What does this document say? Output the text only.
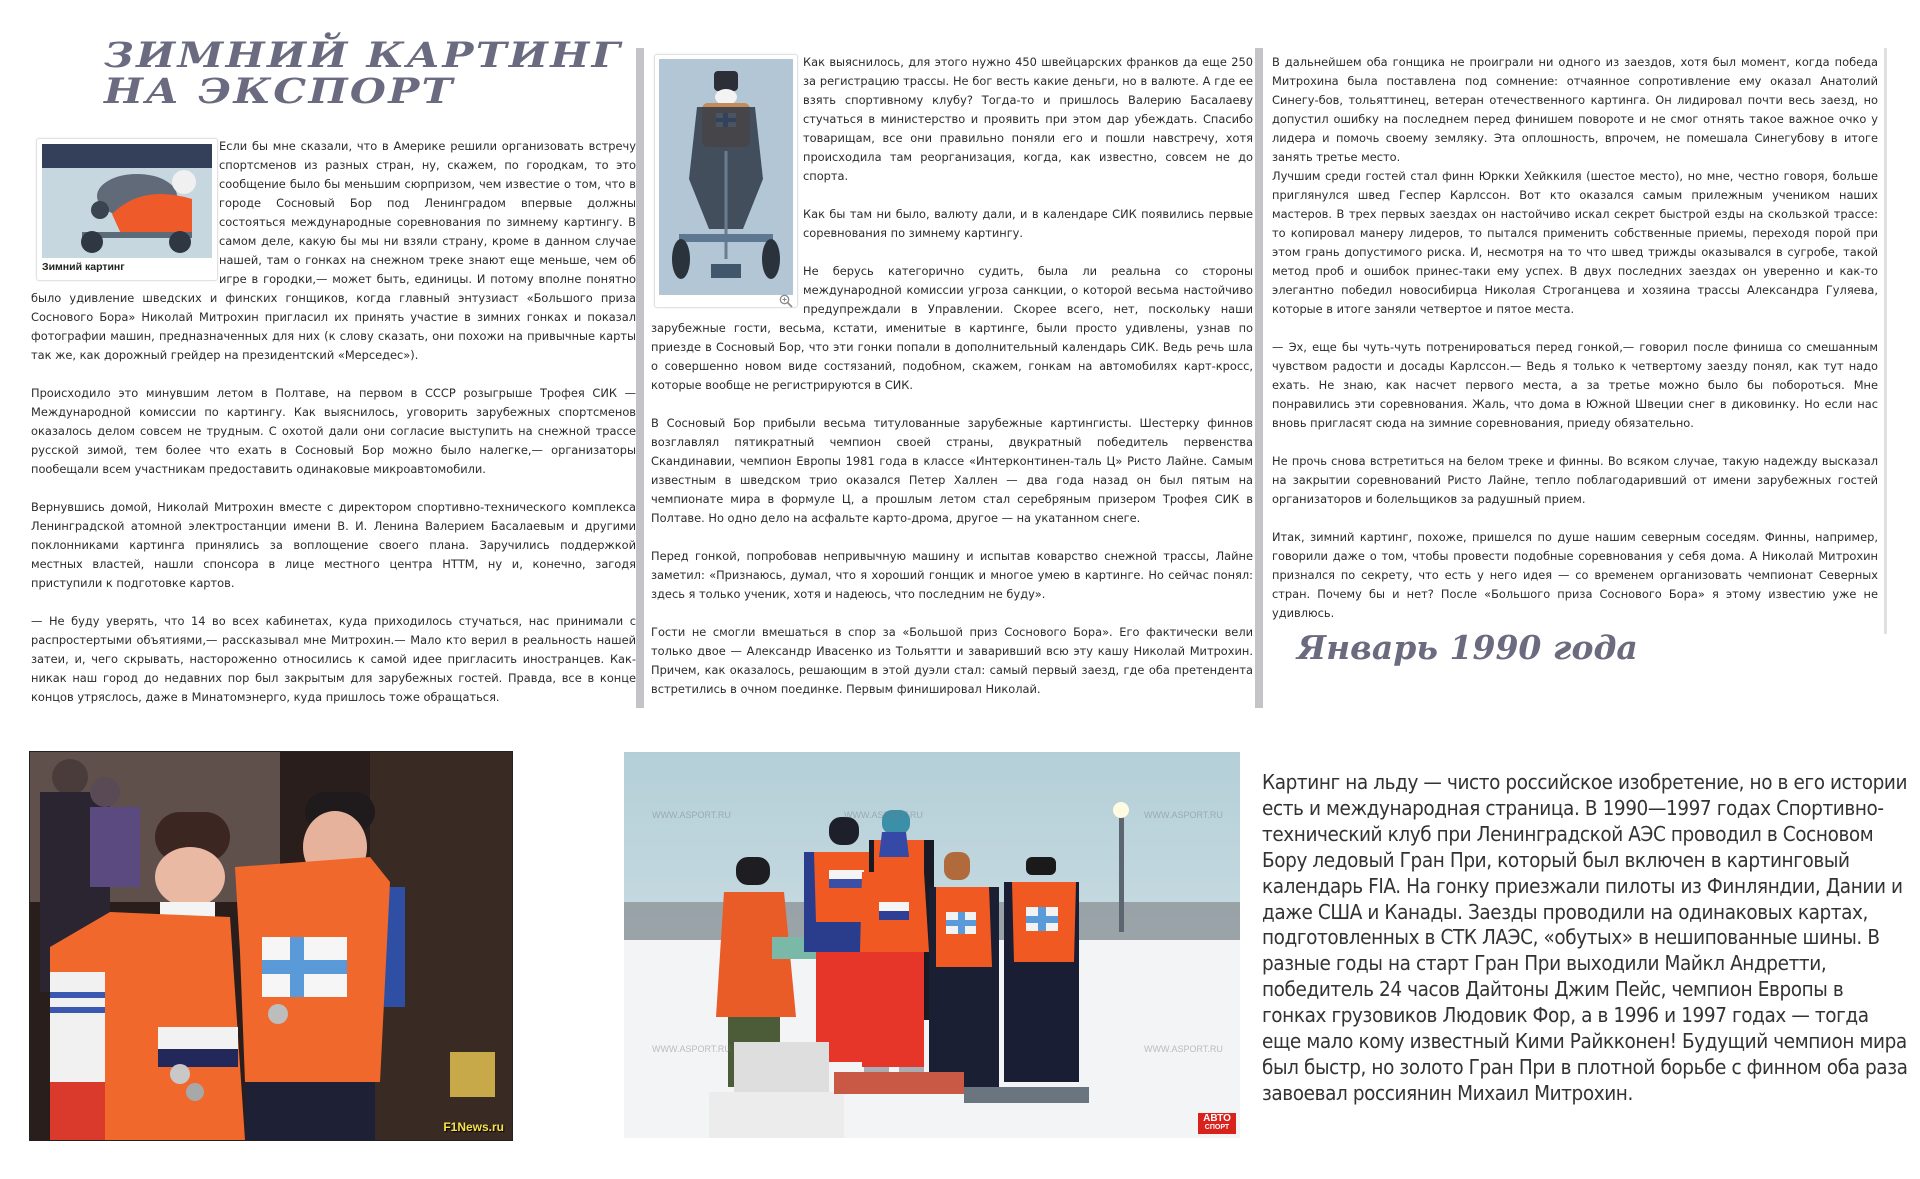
ЗИМНИЙ КАРТИНГ
НА ЭКСПОРТ
Зимний картинг

Если бы мне сказали, что в Америке решили организовать встречу спортсменов из разных стран, ну, скажем, по городкам, то это сообщение было бы меньшим сюрпризом, чем известие о том, что в городе Сосновый Бор под Ленинградом впервые должны состояться международные соревнования по зимнему картингу. В самом деле, какую бы мы ни взяли страну, кроме в данном случае нашей, там о гонках на снежном треке знают еще меньше, чем об игре в городки,— может быть, единицы. И потому вполне понятно было удивление шведских и финских гонщиков, когда главный энтузиаст «Большого приза Соснового Бора» Николай Митрохин пригласил их принять участие в зимних гонках и показал фотографии машин, предназначенных для них (к слову сказать, они похожи на привычные карты так же, как дорожный грейдер на президентский «Мерседес»).

Происходило это минувшим летом в Полтаве, на первом в СССР розыгрыше Трофея СИК — Международной комиссии по картингу. Как выяснилось, уговорить зарубежных спортсменов оказалось делом совсем не трудным. С охотой дали они согласие выступить на снежной трассе русской зимой, тем более что ехать в Сосновый Бор можно было налегке,— организаторы пообещали всем участникам предоставить одинаковые микроавтомобили.

Вернувшись домой, Николай Митрохин вместе с директором спортивно-технического комплекса Ленинградской атомной электростанции имени В. И. Ленина Валерием Басалаевым и другими поклонниками картинга принялись за воплощение своего плана. Заручились поддержкой местных властей, нашли спонсора в лице местного центра НТТМ, ну и, конечно, загодя приступили к подготовке картов.

— Не буду уверять, что 14 во всех кабинетах, куда приходилось стучаться, нас принимали с распростертыми объятиями,— рассказывал мне Митрохин.— Мало кто верил в реальность нашей затеи, и, чего скрывать, настороженно относились к самой идее пригласить иностранцев. Как-никак наш город до недавних пор был закрытым для зарубежных гостей. Правда, все в конце концов утряслось, даже в Минатомэнерго, куда пришлось тоже обращаться.

Как выяснилось, для этого нужно 450 швейцарских франков да еще 250 за регистрацию трассы. Не бог весть какие деньги, но в валюте. А где ее взять спортивному клубу? Тогда-то и пришлось Валерию Басалаеву стучаться в министерство и проявить при этом дар убеждать. Спасибо товарищам, все они правильно поняли его и пошли навстречу, хотя происходила там реорганизация, когда, как известно, совсем не до спорта.

Как бы там ни было, валюту дали, и в календаре СИК появились первые соревнования по зимнему картингу.

Не берусь категорично судить, была ли реальна со стороны международной комиссии угроза санкции, о которой весьма настойчиво предупреждали в Управлении. Скорее всего, нет, поскольку наши зарубежные гости, весьма, кстати, именитые в картинге, были просто удивлены, узнав по приезде в Сосновый Бор, что эти гонки попали в дополнительный календарь СИК. Ведь речь шла о совершенно новом виде состязаний, подобном, скажем, гонкам на автомобилях карт-кросс, которые вообще не регистрируются в СИК.

В Сосновый Бор прибыли весьма титулованные зарубежные картингисты. Шестерку финнов возглавлял пятикратный чемпион своей страны, двукратный победитель первенства Скандинавии, чемпион Европы 1981 года в классе «Интерконтинен-таль Ц» Ристо Лайне. Самым известным в шведском трио оказался Петер Халлен — два года назад он был пятым на чемпионате мира в формуле Ц, а прошлым летом стал серебряным призером Трофея СИК в Полтаве. Но одно дело на асфальте карто-дрома, другое — на укатанном снеге.

Перед гонкой, попробовав непривычную машину и испытав коварство снежной трассы, Лайне заметил: «Признаюсь, думал, что я хороший гонщик и многое умею в картинге. Но сейчас понял: здесь я только ученик, хотя и надеюсь, что последним не буду».

Гости не смогли вмешаться в спор за «Большой приз Соснового Бора». Его фактически вели только двое — Александр Ивасенко из Тольятти и заваривший всю эту кашу Николай Митрохин. Причем, как оказалось, решающим в этой дуэли стал: самый первый заезд, где оба претендента встретились в очном поединке. Первым финишировал Николай.

В дальнейшем оба гонщика не проиграли ни одного из заездов, хотя был момент, когда победа Митрохина была поставлена под сомнение: отчаянное сопротивление ему оказал Анатолий Синегу-бов, тольяттинец, ветеран отечественного картинга. Он лидировал почти весь заезд, но допустил ошибку на последнем перед финишем повороте и не смог отнять такое важное очко у лидера и помочь своему земляку. Эта оплошность, впрочем, не помешала Синегубову в итоге занять третье место.

Лучшим среди гостей стал финн Юркки Хейккиля (шестое место), но мне, честно говоря, больше приглянулся швед Геспер Карлссон. Вот кто оказался самым прилежным учеником наших мастеров. В трех первых заездах он настойчиво искал секрет быстрой езды на скользкой трассе: то копировал манеру лидеров, то пытался применить собственные приемы, переходя порой при этом грань допустимого риска. И, несмотря на то что швед трижды оказывался в сугробе, такой метод проб и ошибок принес-таки ему успех. В двух последних заездах он уверенно и как-то элегантно победил новосибирца Николая Строганцева и хозяина трассы Александра Гуляева, которые в итоге заняли четвертое и пятое места.

— Эх, еще бы чуть-чуть потренироваться перед гонкой,— говорил после финиша со смешанным чувством радости и досады Карлссон.— Ведь я только к четвертому заезду понял, как тут надо ехать. Не знаю, как насчет первого места, а за третье можно было бы побороться. Мне понравились эти соревнования. Жаль, что дома в Южной Швеции снег в диковинку. Но если нас вновь пригласят сюда на зимние соревнования, приеду обязательно.

Не прочь снова встретиться на белом треке и финны. Во всяком случае, такую надежду высказал на закрытии соревнований Ристо Лайне, тепло поблагодаривший от имени зарубежных гостей организаторов и болельщиков за радушный прием.

Итак, зимний картинг, похоже, пришелся по душе нашим северным соседям. Финны, например, говорили даже о том, чтобы провести подобные соревнования у себя дома. А Николай Митрохин признался по секрету, что есть у него идея — со временем организовать чемпионат Северных стран. Почему бы и нет? После «Большого приза Соснового Бора» я этому известию уже не удивлюсь.

Январь 1990 года
F1News.ru
WWW.ASPORT.RU	WWW.ASPORT.RU	WWW.ASPORT.RU
WWW.ASPORT.RU	WWW.ASPORT.RU
АВТО
СПОРТ
Картинг на льду — чисто российское изобретение, но в его истории есть и международная страница. В 1990—1997 годах Спортивно-технический клуб при Ленинградской АЭС проводил в Сосновом Бору ледовый Гран При, который был включен в картинговый календарь FIA. На гонку приезжали пилоты из Финляндии, Дании и даже США и Канады. Заезды проводили на одинаковых картах, подготовленных в СТК ЛАЭС, «обутых» в нешипованные шины. В разные годы на старт Гран При выходили Майкл Андретти, победитель 24 часов Дайтоны Джим Пейс, чемпион Европы в гонках грузовиков Людовик Фор, а в 1996 и 1997 годах — тогда еще мало кому известный Кими Райкконен! Будущий чемпион мира был быстр, но золото Гран При в плотной борьбе с финном оба раза завоевал россиянин Михаил Митрохин.
